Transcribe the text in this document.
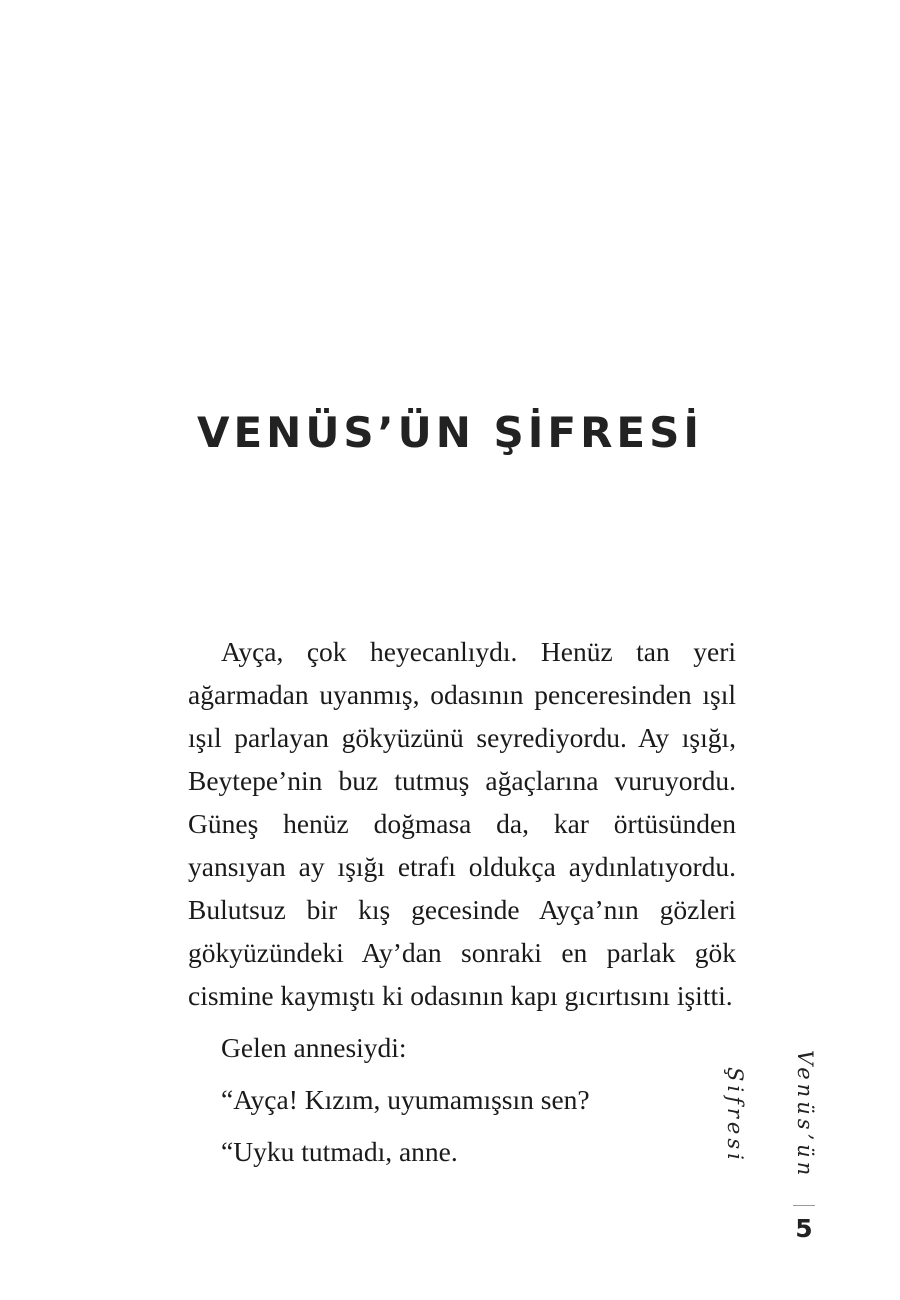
VENÜS’ÜN ŞİFRESİ

Ayça, çok heyecanlıydı. Henüz tan yeri ağarmadan uyanmış, odasının penceresinden ışıl ışıl parlayan gökyüzünü seyrediyordu. Ay ışığı, Beytepe’nin buz tutmuş ağaçlarına vuruyordu. Güneş henüz doğmasa da, kar örtüsünden yansıyan ay ışığı etrafı oldukça aydınlatıyordu. Bulutsuz bir kış gecesinde Ayça’nın gözleri gökyüzündeki Ay’dan sonraki en parlak gök cismine kaymıştı ki odasının kapı gıcırtısını işitti.

Gelen annesiydi:

“Ayça! Kızım, uyumamışsın sen?

“Uyku tutmadı, anne.	Venüs’ün Şifresi
5
